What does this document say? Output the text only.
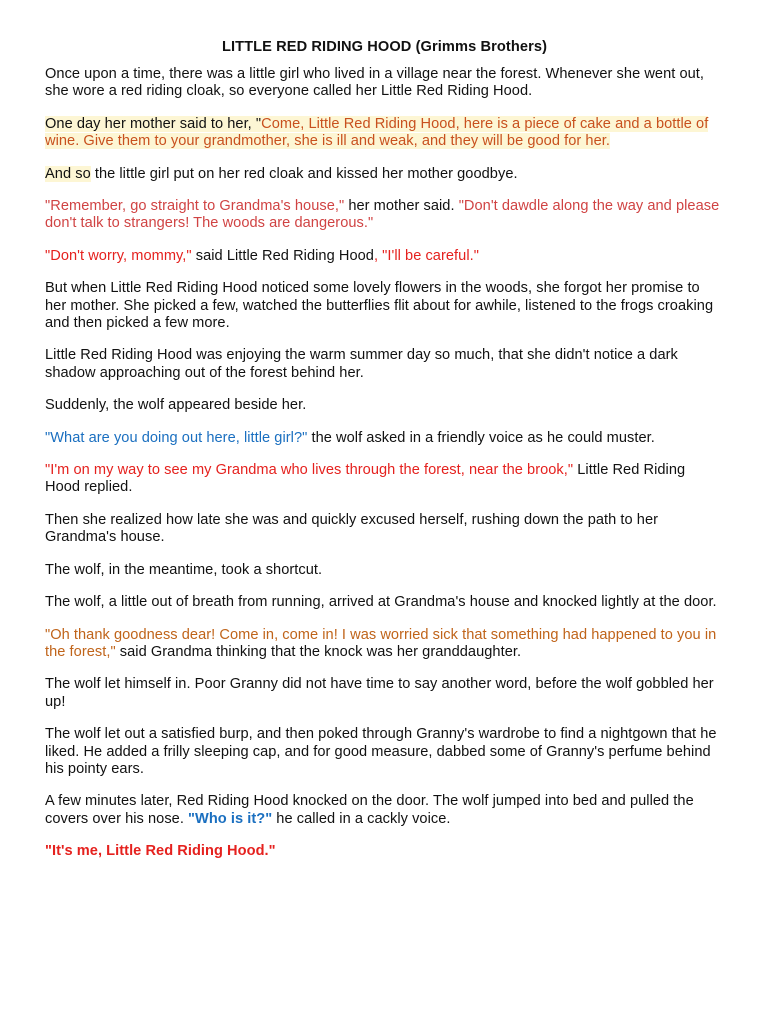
LITTLE RED RIDING HOOD (Grimms Brothers)

Once upon a time, there was a little girl who lived in a village near the forest. Whenever she went out, she wore a red riding cloak, so everyone called her Little Red Riding Hood.

One day her mother said to her, "Come, Little Red Riding Hood, here is a piece of cake and a bottle of wine. Give them to your grandmother, she is ill and weak, and they will be good for her.

And so the little girl put on her red cloak and kissed her mother goodbye.

"Remember, go straight to Grandma's house," her mother said. "Don't dawdle along the way and please don't talk to strangers! The woods are dangerous."

"Don't worry, mommy," said Little Red Riding Hood, "I'll be careful."

But when Little Red Riding Hood noticed some lovely flowers in the woods, she forgot her promise to her mother. She picked a few, watched the butterflies flit about for awhile, listened to the frogs croaking and then picked a few more.

Little Red Riding Hood was enjoying the warm summer day so much, that she didn't notice a dark shadow approaching out of the forest behind her.

Suddenly, the wolf appeared beside her.

"What are you doing out here, little girl?" the wolf asked in a friendly voice as he could muster.

"I'm on my way to see my Grandma who lives through the forest, near the brook," Little Red Riding Hood replied.

Then she realized how late she was and quickly excused herself, rushing down the path to her Grandma's house.

The wolf, in the meantime, took a shortcut.

The wolf, a little out of breath from running, arrived at Grandma's house and knocked lightly at the door.

"Oh thank goodness dear! Come in, come in! I was worried sick that something had happened to you in the forest," said Grandma thinking that the knock was her granddaughter.

The wolf let himself in. Poor Granny did not have time to say another word, before the wolf gobbled her up!

The wolf let out a satisfied burp, and then poked through Granny's wardrobe to find a nightgown that he liked. He added a frilly sleeping cap, and for good measure, dabbed some of Granny's perfume behind his pointy ears.

A few minutes later, Red Riding Hood knocked on the door. The wolf jumped into bed and pulled the covers over his nose. "Who is it?" he called in a cackly voice.

"It's me, Little Red Riding Hood."
